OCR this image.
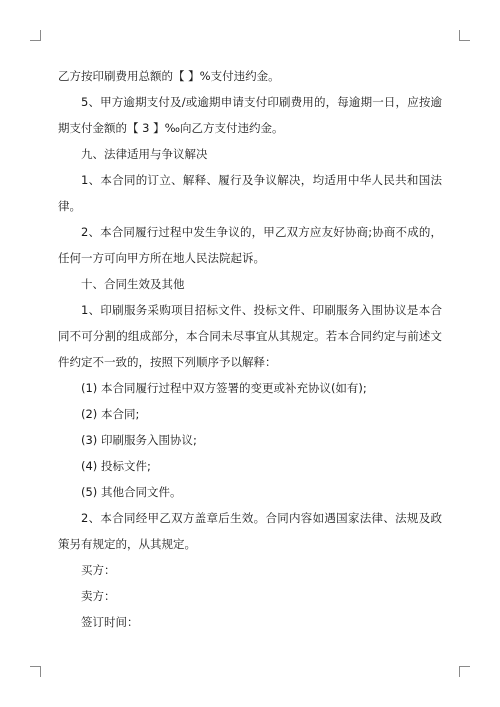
乙方按印刷费用总额的【 】%支付违约金。

5、甲方逾期支付及/或逾期申请支付印刷费用的，每逾期一日，应按逾期支付金额的【 3 】‰向乙方支付违约金。

九、法律适用与争议解决

1、本合同的订立、解释、履行及争议解决，均适用中华人民共和国法律。

2、本合同履行过程中发生争议的，甲乙双方应友好协商;协商不成的，任何一方可向甲方所在地人民法院起诉。

十、合同生效及其他

1、印刷服务采购项目招标文件、投标文件、印刷服务入围协议是本合同不可分割的组成部分，本合同未尽事宜从其规定。若本合同约定与前述文件约定不一致的，按照下列顺序予以解释：

(1) 本合同履行过程中双方签署的变更或补充协议(如有);

(2) 本合同;

(3) 印刷服务入围协议;

(4) 投标文件;

(5) 其他合同文件。

2、本合同经甲乙双方盖章后生效。合同内容如遇国家法律、法规及政策另有规定的，从其规定。

买方：

卖方：

签订时间：
